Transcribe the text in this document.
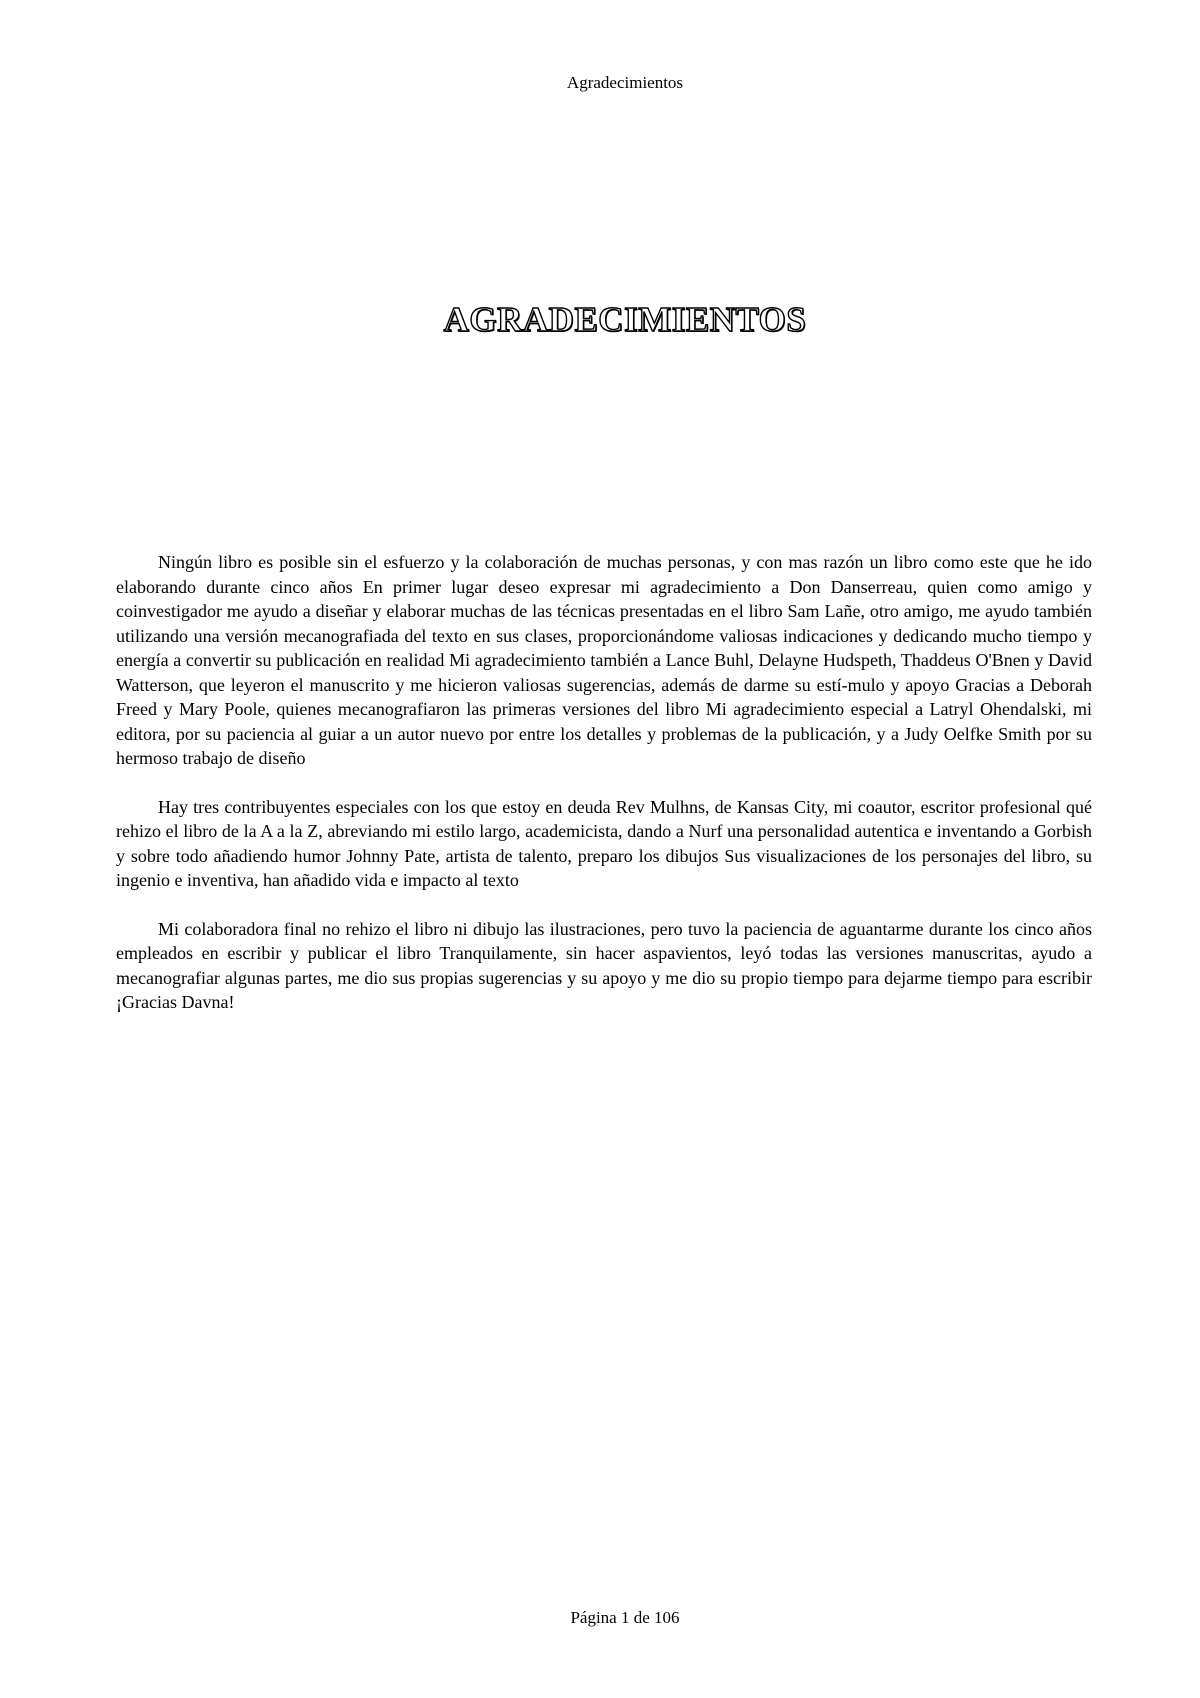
Agradecimientos
AGRADECIMIENTOS

Ningún libro es posible sin el esfuerzo y la colaboración de muchas personas, y con mas razón un libro como este que he ido elaborando durante cinco años En primer lugar deseo expresar mi agradecimiento a Don Danserreau, quien como amigo y coinvestigador me ayudo a diseñar y elaborar muchas de las técnicas presentadas en el libro Sam Lañe, otro amigo, me ayudo también utilizando una versión mecanografiada del texto en sus clases, proporcionándome valiosas indicaciones y dedicando mucho tiempo y energía a convertir su publicación en realidad Mi agradecimiento también a Lance Buhl, Delayne Hudspeth, Thaddeus O'Bnen y David Watterson, que leyeron el manuscrito y me hicieron valiosas sugerencias, además de darme su estí-mulo y apoyo Gracias a Deborah Freed y Mary Poole, quienes mecanografiaron las primeras versiones del libro Mi agradecimiento especial a Latryl Ohendalski, mi editora, por su paciencia al guiar a un autor nuevo por entre los detalles y problemas de la publicación, y a Judy Oelfke Smith por su hermoso trabajo de diseño

Hay tres contribuyentes especiales con los que estoy en deuda Rev Mulhns, de Kansas City, mi coautor, escritor profesional qué rehizo el libro de la A a la Z, abreviando mi estilo largo, academicista, dando a Nurf una personalidad autentica e inventando a Gorbish y sobre todo añadiendo humor Johnny Pate, artista de talento, preparo los dibujos Sus visualizaciones de los personajes del libro, su ingenio e inventiva, han añadido vida e impacto al texto

Mi colaboradora final no rehizo el libro ni dibujo las ilustraciones, pero tuvo la paciencia de aguantarme durante los cinco años empleados en escribir y publicar el libro Tranquilamente, sin hacer aspavientos, leyó todas las versiones manuscritas, ayudo a mecanografiar algunas partes, me dio sus propias sugerencias y su apoyo y me dio su propio tiempo para dejarme tiempo para escribir ¡Gracias Davna!

Página 1 de 106
